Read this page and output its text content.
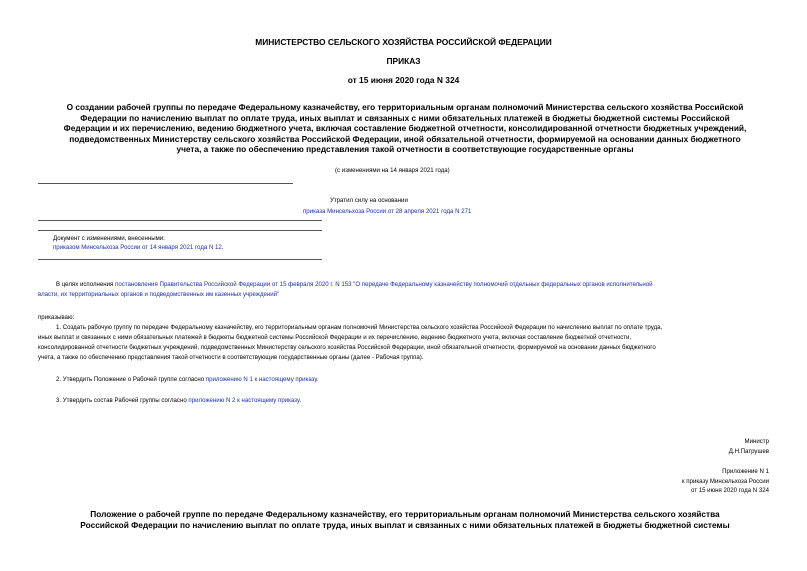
МИНИСТЕРСТВО СЕЛЬСКОГО ХОЗЯЙСТВА РОССИЙСКОЙ ФЕДЕРАЦИИ
ПРИКАЗ
от 15 июня 2020 года N 324
О создании рабочей группы по передаче Федеральному казначейству, его территориальным органам полномочий Министерства сельского хозяйства Российской
Федерации по начислению выплат по оплате труда, иных выплат и связанных с ними обязательных платежей в бюджеты бюджетной системы Российской
Федерации и их перечислению, ведению бюджетного учета, включая составление бюджетной отчетности, консолидированной отчетности бюджетных учреждений,
подведомственных Министерству сельского хозяйства Российской Федерации, иной обязательной отчетности, формируемой на основании данных бюджетного
учета, а также по обеспечению представления такой отчетности в соответствующие государственные органы
(с изменениями на 14 января 2021 года)
Утратил силу на основании
приказа Минсельхоза России от 28 апреля 2021 года N 271
Документ с изменениями, внесенными:
приказом Минсельхоза России от 14 января 2021 года N 12.
В целях исполнения постановления Правительства Российской Федерации от 15 февраля 2020 г. N 153 "О передаче Федеральному казначейству полномочий отдельных федеральных органов исполнительной
власти, их территориальных органов и подведомственных им казенных учреждений"
приказываю:
1. Создать рабочую группу по передаче Федеральному казначейству, его территориальным органам полномочий Министерства сельского хозяйства Российской Федерации по начислению выплат по оплате труда,
иных выплат и связанных с ними обязательных платежей в бюджеты бюджетной системы Российской Федерации и их перечислению, ведению бюджетного учета, включая составление бюджетной отчетности,
консолидированной отчетности бюджетных учреждений, подведомственных Министерству сельского хозяйства Российской Федерации, иной обязательной отчетности, формируемой на основании данных бюджетного
учета, а также по обеспечению представления такой отчетности в соответствующие государственные органы (далее - Рабочая группа).
2. Утвердить Положение о Рабочей группе согласно приложению N 1 к настоящему приказу.
3. Утвердить состав Рабочей группы согласно приложению N 2 к настоящему приказу.
Министр
Д.Н.Патрушев
Приложение N 1
к приказу Минсельхоза России
от 15 июня 2020 года N 324
Положение о рабочей группе по передаче Федеральному казначейству, его территориальным органам полномочий Министерства сельского хозяйства
Российской Федерации по начислению выплат по оплате труда, иных выплат и связанных с ними обязательных платежей в бюджеты бюджетной системы
